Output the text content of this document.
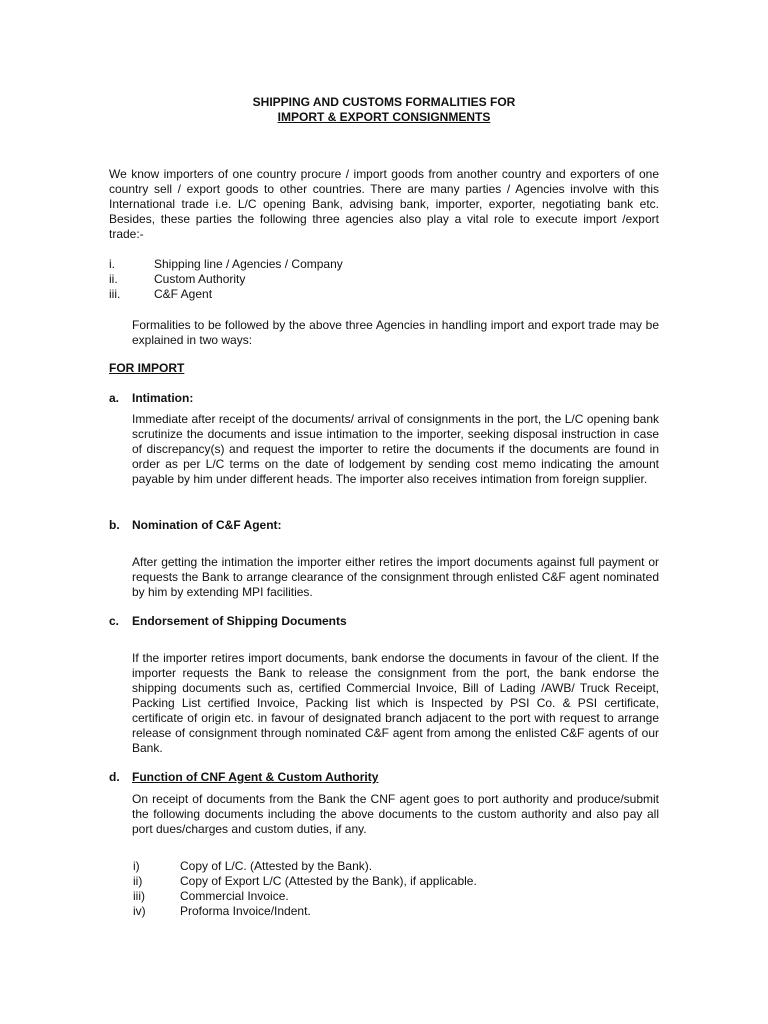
SHIPPING AND CUSTOMS FORMALITIES FOR
IMPORT & EXPORT CONSIGNMENTS
We know importers of one country procure / import goods from another country and exporters of one country sell / export goods to other countries. There are many parties / Agencies involve with this International trade i.e. L/C opening Bank, advising bank, importer, exporter, negotiating bank etc. Besides, these parties the following three agencies also play a vital role to execute import /export trade:-
i.	Shipping line / Agencies / Company
ii.	Custom Authority
iii.	C&F Agent
Formalities to be followed by the above three Agencies in handling import and export trade may be explained in two ways:
FOR IMPORT
a. Intimation:
Immediate after receipt of the documents/ arrival of consignments in the port, the L/C opening bank scrutinize the documents and issue intimation to the importer, seeking disposal instruction in case of discrepancy(s) and request the importer to retire the documents if the documents are found in order as per L/C terms on the date of lodgement by sending cost memo indicating the amount payable by him under different heads. The importer also receives intimation from foreign supplier.
b. Nomination of C&F Agent:
After getting the intimation the importer either retires the import documents against full payment or requests the Bank to arrange clearance of the consignment through enlisted C&F agent nominated by him by extending MPI facilities.
c. Endorsement of Shipping Documents
If the importer retires import documents, bank endorse the documents in favour of the client. If the importer requests the Bank to release the consignment from the port, the bank endorse the shipping documents such as, certified Commercial Invoice, Bill of Lading /AWB/ Truck Receipt, Packing List certified Invoice, Packing list which is Inspected by PSI Co. & PSI certificate, certificate of origin etc. in favour of designated branch adjacent to the port with request to arrange release of consignment through nominated C&F agent from among the enlisted C&F agents of our Bank.
d. Function of CNF Agent & Custom Authority
On receipt of documents from the Bank the CNF agent goes to port authority and produce/submit the following documents including the above documents to the custom authority and also pay all port dues/charges and custom duties, if any.
i)	Copy of L/C. (Attested by the Bank).
ii)	Copy of Export L/C (Attested by the Bank), if applicable.
iii)	Commercial Invoice.
iv)	Proforma Invoice/Indent.
